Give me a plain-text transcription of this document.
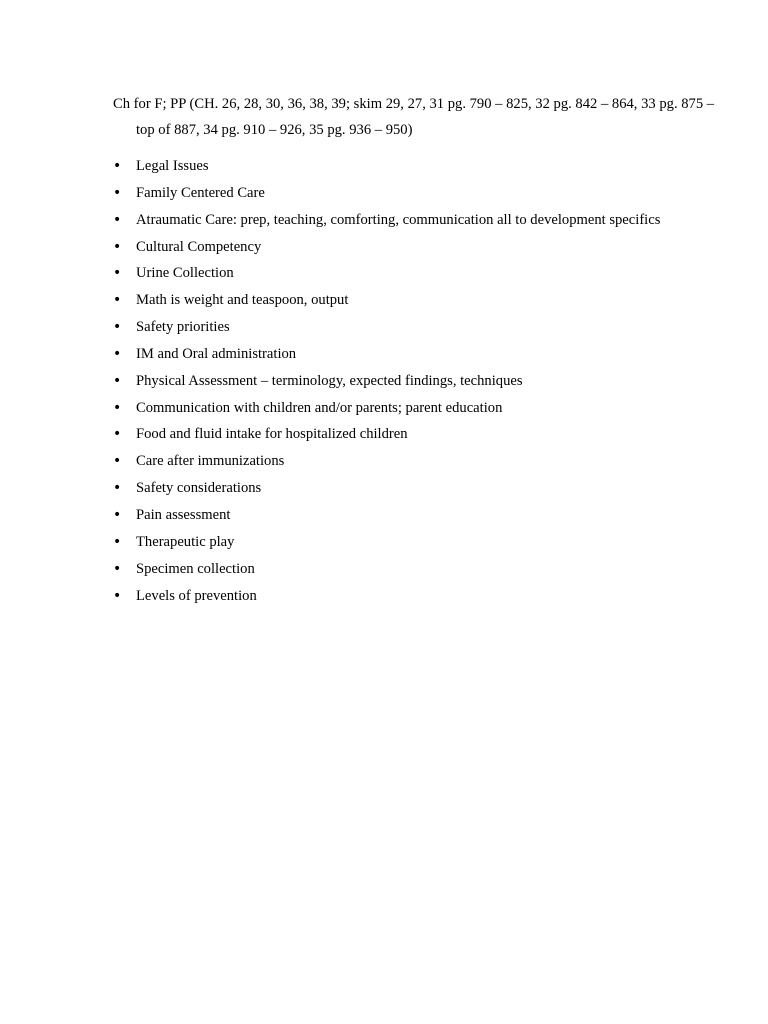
Ch for F; PP (CH. 26, 28, 30, 36, 38, 39; skim 29, 27, 31 pg. 790 – 825, 32 pg. 842 – 864, 33 pg. 875 – top of 887, 34 pg. 910 – 926, 35 pg. 936 – 950)

• Legal Issues
• Family Centered Care
• Atraumatic Care: prep, teaching, comforting, communication all to development specifics
• Cultural Competency
• Urine Collection
• Math is weight and teaspoon, output
• Safety priorities
• IM and Oral administration
• Physical Assessment – terminology, expected findings, techniques
• Communication with children and/or parents; parent education
• Food and fluid intake for hospitalized children
• Care after immunizations
• Safety considerations
• Pain assessment
• Therapeutic play
• Specimen collection
• Levels of prevention
